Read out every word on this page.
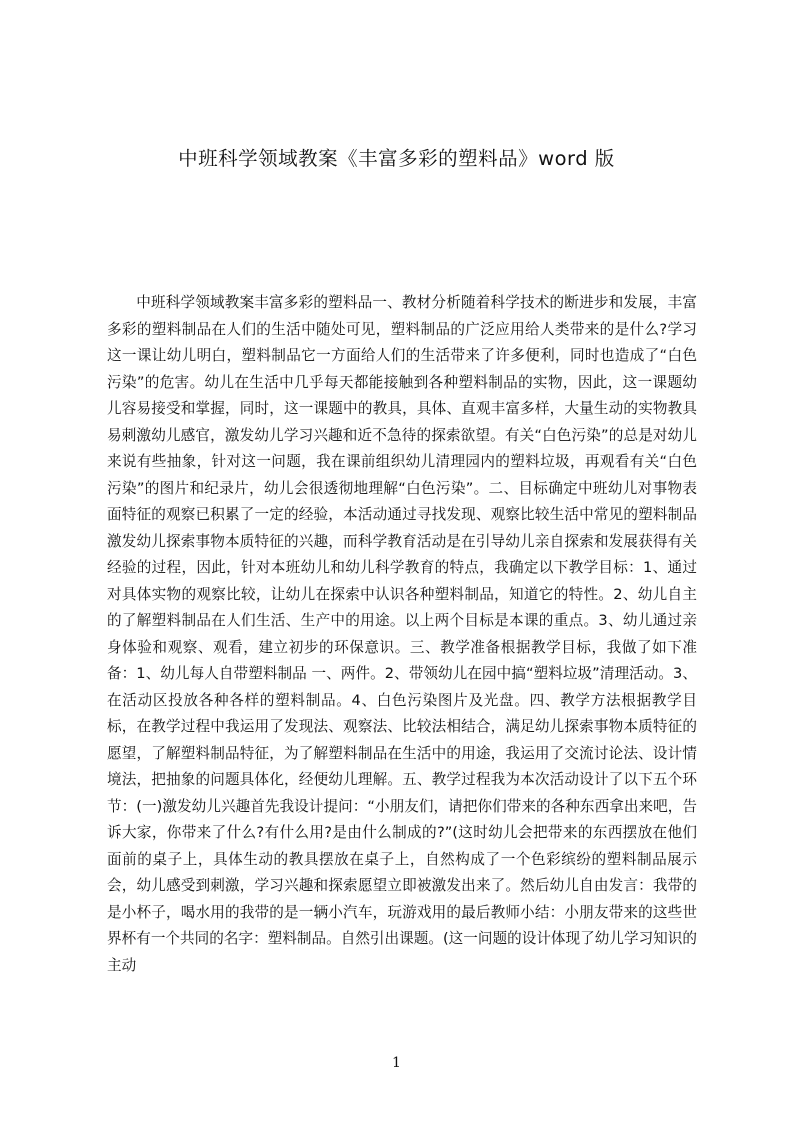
中班科学领域教案《丰富多彩的塑料品》word 版

中班科学领域教案丰富多彩的塑料品一、教材分析随着科学技术的断进步和发展，丰富多彩的塑料制品在人们的生活中随处可见，塑料制品的广泛应用给人类带来的是什么?学习这一课让幼儿明白，塑料制品它一方面给人们的生活带来了许多便利，同时也造成了“白色污染”的危害。幼儿在生活中几乎每天都能接触到各种塑料制品的实物，因此，这一课题幼儿容易接受和掌握，同时，这一课题中的教具，具体、直观丰富多样，大量生动的实物教具易刺激幼儿感官，激发幼儿学习兴趣和近不急待的探索欲望。有关“白色污染”的总是对幼儿来说有些抽象，针对这一问题，我在课前组织幼儿清理园内的塑料垃圾，再观看有关“白色污染”的图片和纪录片，幼儿会很透彻地理解“白色污染”。二、目标确定中班幼儿对事物表面特征的观察已积累了一定的经验，本活动通过寻找发现、观察比较生活中常见的塑料制品激发幼儿探索事物本质特征的兴趣，而科学教育活动是在引导幼儿亲自探索和发展获得有关经验的过程，因此，针对本班幼儿和幼儿科学教育的特点，我确定以下教学目标：1、通过对具体实物的观察比较，让幼儿在探索中认识各种塑料制品，知道它的特性。2、幼儿自主的了解塑料制品在人们生活、生产中的用途。以上两个目标是本课的重点。3、幼儿通过亲身体验和观察、观看，建立初步的环保意识。三、教学准备根据教学目标，我做了如下准备：1、幼儿每人自带塑料制品 一、两件。2、带领幼儿在园中搞“塑料垃圾”清理活动。3、在活动区投放各种各样的塑料制品。4、白色污染图片及光盘。四、教学方法根据教学目标，在教学过程中我运用了发现法、观察法、比较法相结合，满足幼儿探索事物本质特征的愿望，了解塑料制品特征，为了解塑料制品在生活中的用途，我运用了交流讨论法、设计情境法，把抽象的问题具体化，经便幼儿理解。五、教学过程我为本次活动设计了以下五个环节：(一)激发幼儿兴趣首先我设计提问：“小朋友们，请把你们带来的各种东西拿出来吧，告诉大家，你带来了什么?有什么用?是由什么制成的?”(这时幼儿会把带来的东西摆放在他们面前的桌子上，具体生动的教具摆放在桌子上，自然构成了一个色彩缤纷的塑料制品展示会，幼儿感受到刺激，学习兴趣和探索愿望立即被激发出来了。然后幼儿自由发言：我带的是小杯子，喝水用的我带的是一辆小汽车，玩游戏用的最后教师小结：小朋友带来的这些世界杯有一个共同的名字：塑料制品。自然引出课题。(这一问题的设计体现了幼儿学习知识的主动

1
